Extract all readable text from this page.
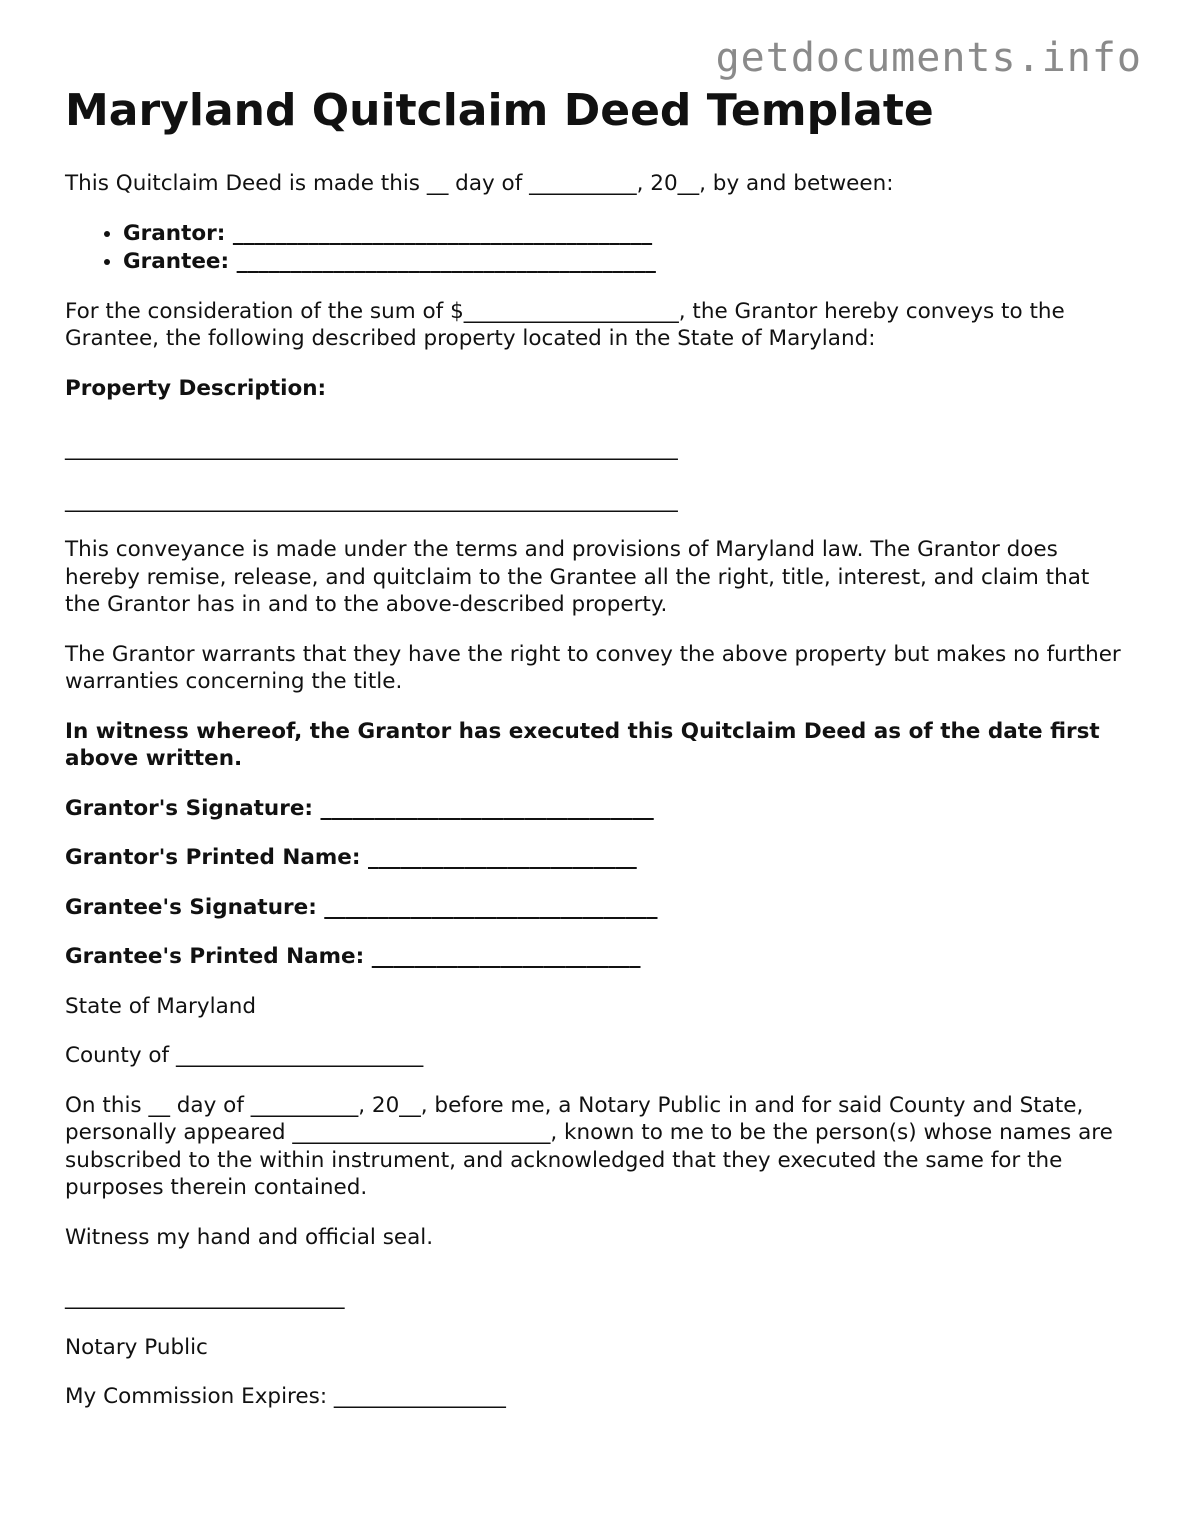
getdocuments.info
Maryland Quitclaim Deed Template

This Quitclaim Deed is made this __ day of __________, 20__, by and between:

• Grantor: _______________________________________
• Grantee: _______________________________________

For the consideration of the sum of $____________________, the Grantor hereby conveys to the Grantee, the following described property located in the State of Maryland:

Property Description:

_________________________________________________________

_________________________________________________________

This conveyance is made under the terms and provisions of Maryland law. The Grantor does hereby remise, release, and quitclaim to the Grantee all the right, title, interest, and claim that the Grantor has in and to the above-described property.

The Grantor warrants that they have the right to convey the above property but makes no further warranties concerning the title.

In witness whereof, the Grantor has executed this Quitclaim Deed as of the date first above written.

Grantor's Signature: _______________________________

Grantor's Printed Name: _________________________

Grantee's Signature: _______________________________

Grantee's Printed Name: _________________________

State of Maryland

County of _______________________

On this __ day of __________, 20__, before me, a Notary Public in and for said County and State, personally appeared ________________________, known to me to be the person(s) whose names are subscribed to the within instrument, and acknowledged that they executed the same for the purposes therein contained.

Witness my hand and official seal.

__________________________

Notary Public

My Commission Expires: ________________
